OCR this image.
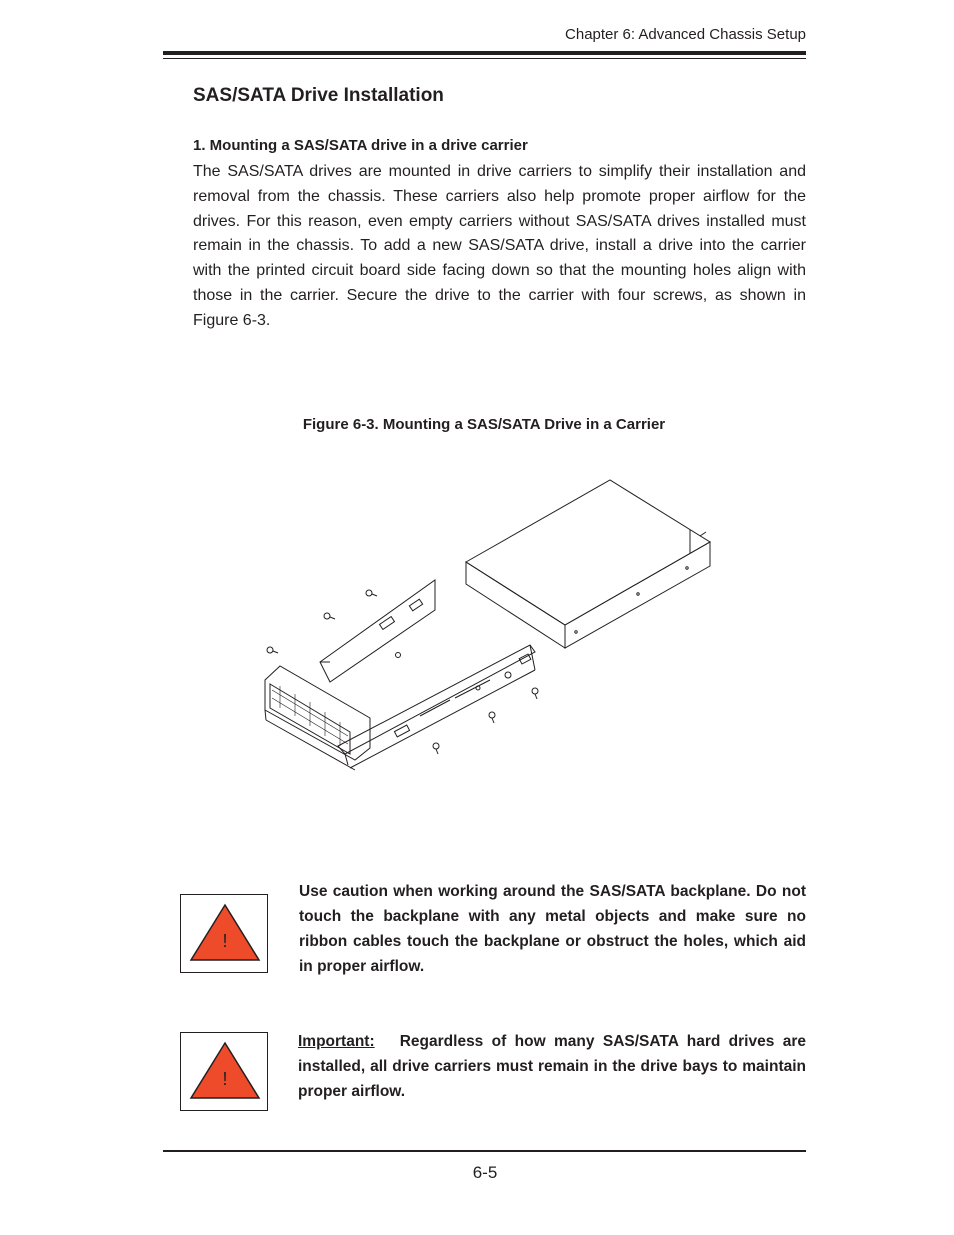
Chapter 6: Advanced Chassis Setup
SAS/SATA Drive Installation
1. Mounting a SAS/SATA drive in a drive carrier
The SAS/SATA drives are mounted in drive carriers to simplify their installation and removal from the chassis. These carriers also help promote proper airflow for the drives. For this reason, even empty carriers without SAS/SATA drives installed must remain in the chassis. To add a new SAS/SATA drive, install a drive into the carrier with the printed circuit board side facing down so that the mounting holes align with those in the carrier. Secure the drive to the carrier with four screws, as shown in Figure 6-3.
Figure 6-3. Mounting a SAS/SATA Drive in a Carrier
!
Use caution when working around the SAS/SATA backplane. Do not touch the backplane with any metal objects and make sure no ribbon cables touch the backplane or obstruct the holes, which aid in proper airflow.
!
Important: Regardless of how many SAS/SATA hard drives are installed, all drive carriers must remain in the drive bays to maintain proper airflow.
6-5
